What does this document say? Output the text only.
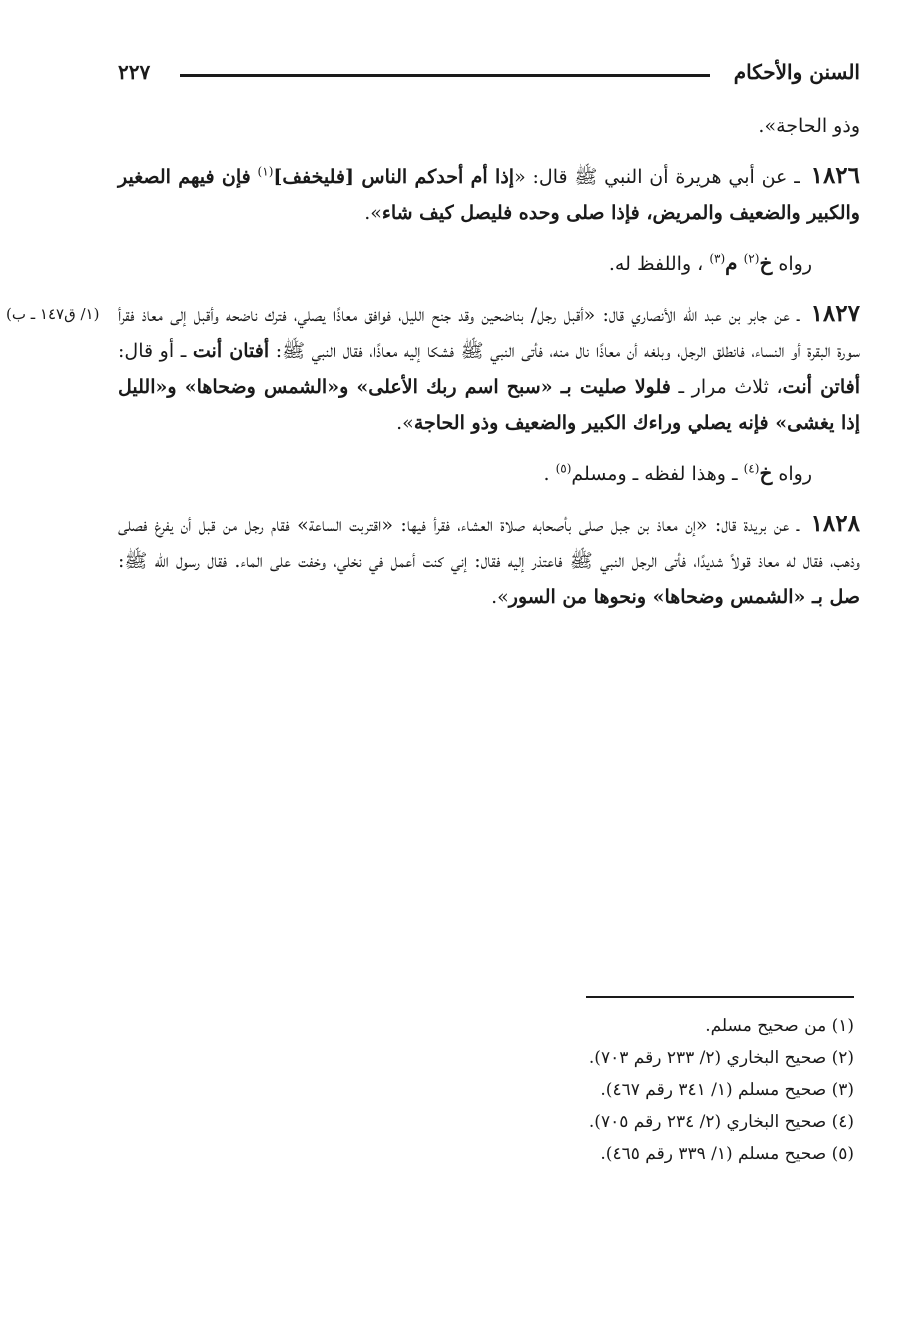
السنن والأحكام
٢٢٧

وذو الحاجة».

١٨٢٦ ـ عن أبي هريرة أن النبي ﷺ قال: «إذا أم أحدكم الناس [فليخفف]$^{(١)}$ فإن فيهم الصغير والكبير والضعيف والمريض، فإذا صلى وحده فليصل كيف شاء».

رواه خ$^{(٢)}$ م$^{(٣)}$ ، واللفظ له.

(١/ ق١٤٧ ـ ب)	١٨٢٧ ـ عن جابر بن عبد الله الأنصاري قال: «أقبل رجل/ بناضحين وقد جنح الليل، فوافق معاذًا يصلي، فترك ناضحه وأقبل إلى معاذ فقرأ سورة البقرة أو النساء، فانطلق الرجل، وبلغه أن معاذًا نال منه، فأتى النبي ﷺ فشكا إليه معاذًا، فقال النبي ﷺ: أفتان أنت ـ أو قال: أفاتن أنت، ثلاث مرار ـ فلولا صليت بـ «سبح اسم ربك الأعلى» و«الشمس وضحاها» و«الليل إذا يغشى» فإنه يصلي وراءك الكبير والضعيف وذو الحاجة».

رواه خ$^{(٤)}$ ـ وهذا لفظه ـ ومسلم$^{(٥)}$ .

١٨٢٨ ـ عن بريدة قال: «إن معاذ بن جبل صلى بأصحابه صلاة العشاء، فقرأ فيها: «اقتربت الساعة» فقام رجل من قبل أن يفرغ فصلى وذهب، فقال له معاذ قولاً شديدًا، فأتى الرجل النبي ﷺ فاعتذر إليه فقال: إني كنت أعمل في نخلي، وخفت على الماء. فقال رسول الله ﷺ: صل بـ «الشمس وضحاها» ونحوها من السور».

(١) من صحيح مسلم.

(٢) صحيح البخاري (٢/ ٢٣٣ رقم ٧٠٣).

(٣) صحيح مسلم (١/ ٣٤١ رقم ٤٦٧).

(٤) صحيح البخاري (٢/ ٢٣٤ رقم ٧٠٥).

(٥) صحيح مسلم (١/ ٣٣٩ رقم ٤٦٥).
